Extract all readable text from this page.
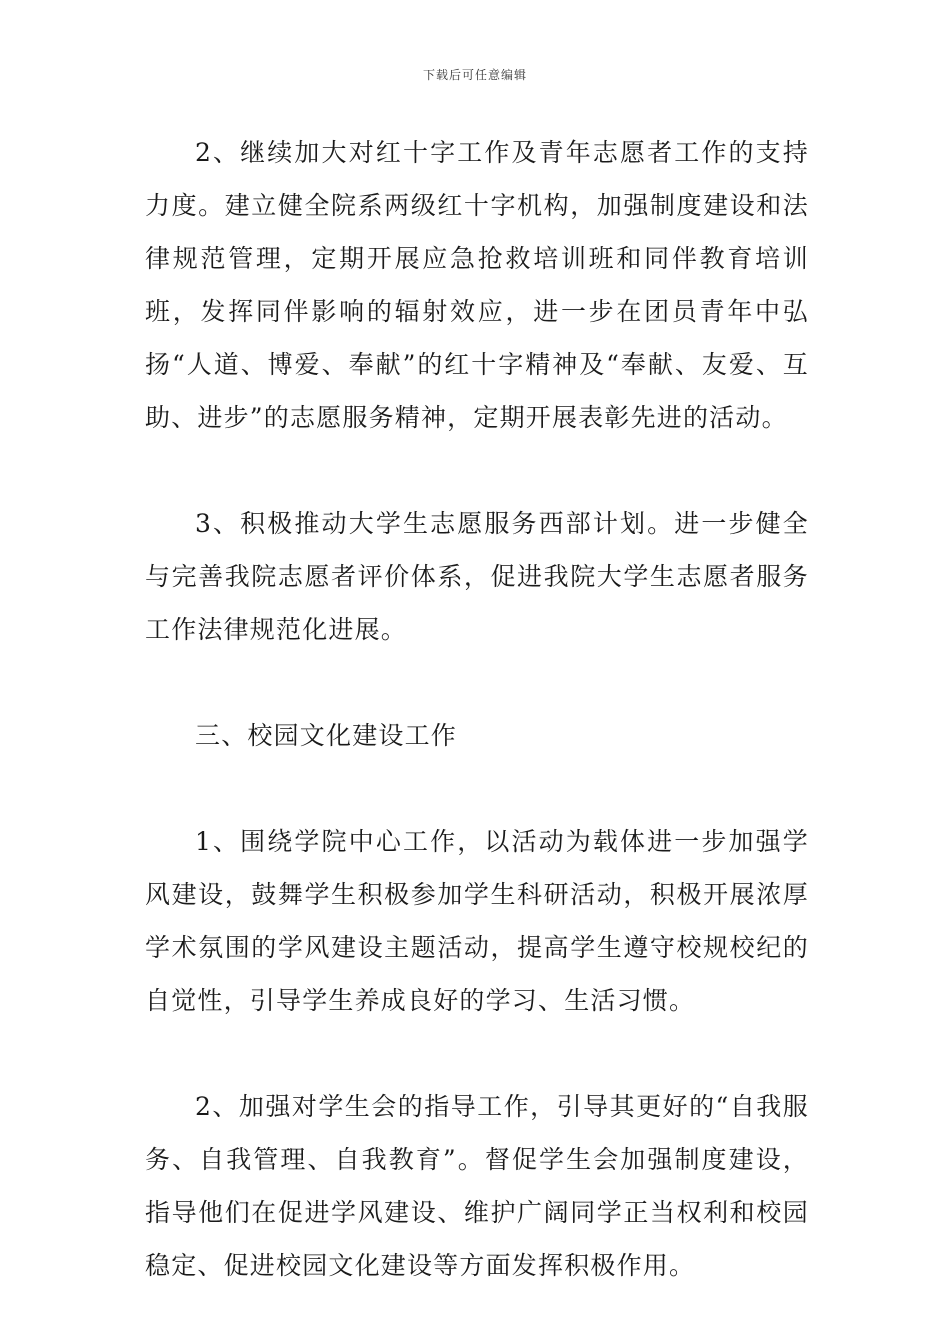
下载后可任意编辑

2、继续加大对红十字工作及青年志愿者工作的支持力度。建立健全院系两级红十字机构，加强制度建设和法律规范管理，定期开展应急抢救培训班和同伴教育培训班，发挥同伴影响的辐射效应，进一步在团员青年中弘扬“人道、博爱、奉献”的红十字精神及“奉献、友爱、互助、进步”的志愿服务精神，定期开展表彰先进的活动。

3、积极推动大学生志愿服务西部计划。进一步健全与完善我院志愿者评价体系，促进我院大学生志愿者服务工作法律规范化进展。

三、校园文化建设工作

1、围绕学院中心工作，以活动为载体进一步加强学风建设，鼓舞学生积极参加学生科研活动，积极开展浓厚学术氛围的学风建设主题活动，提高学生遵守校规校纪的自觉性，引导学生养成良好的学习、生活习惯。

2、加强对学生会的指导工作，引导其更好的“自我服务、自我管理、自我教育”。督促学生会加强制度建设，指导他们在促进学风建设、维护广阔同学正当权利和校园稳定、促进校园文化建设等方面发挥积极作用。
